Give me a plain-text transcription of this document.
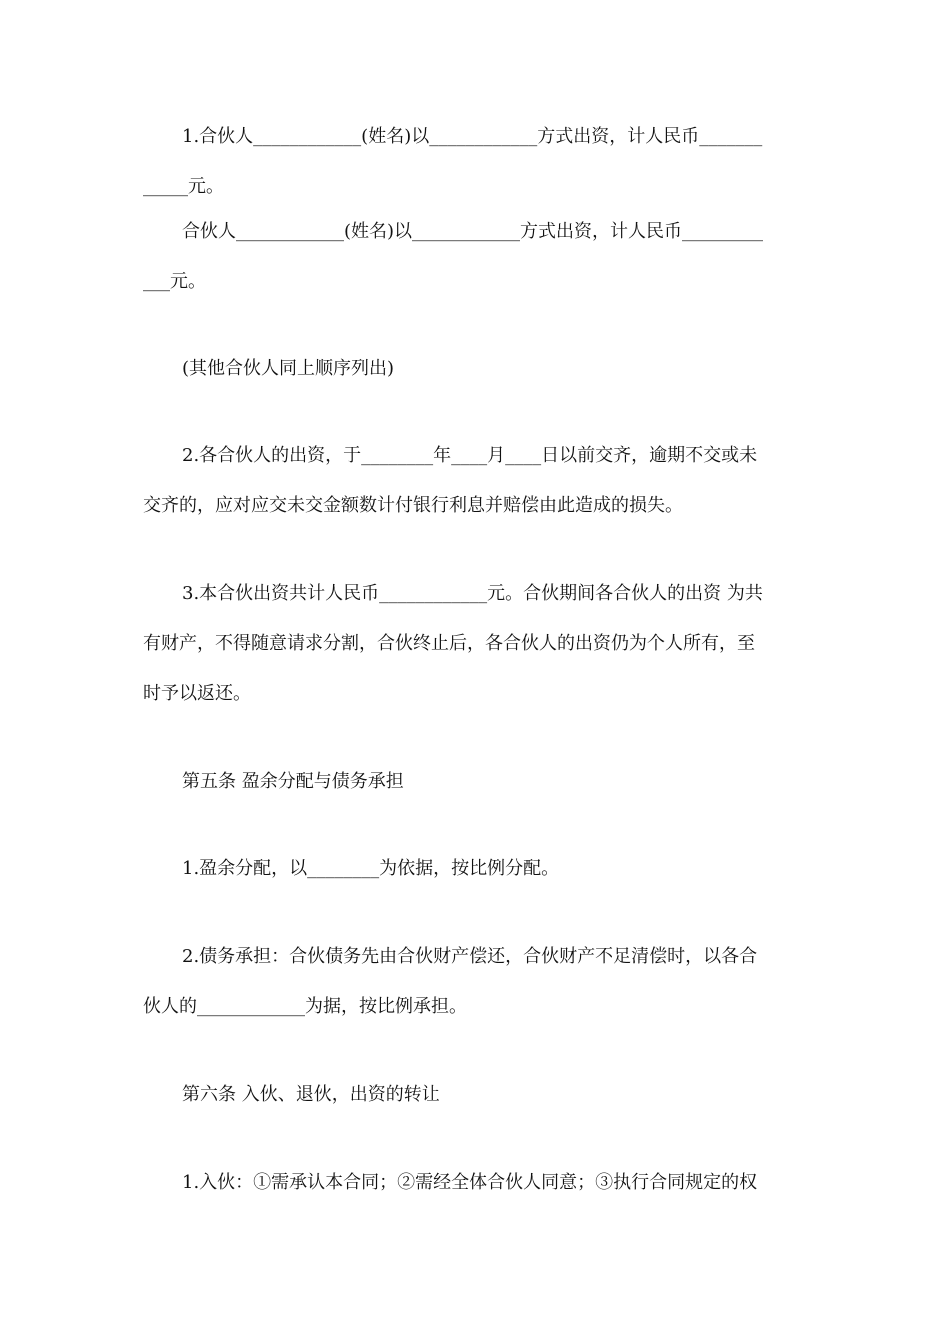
1.合伙人____________(姓名)以____________方式出资，计人民币_______
_____元。
合伙人____________(姓名)以____________方式出资，计人民币_________
___元。
(其他合伙人同上顺序列出)
2.各合伙人的出资，于________年____月____日以前交齐，逾期不交或未
交齐的，应对应交未交金额数计付银行利息并赔偿由此造成的损失。
3.本合伙出资共计人民币____________元。合伙期间各合伙人的出资 为共
有财产，不得随意请求分割，合伙终止后，各合伙人的出资仍为个人所有，至
时予以返还。
第五条 盈余分配与债务承担
1.盈余分配，以________为依据，按比例分配。
2.债务承担：合伙债务先由合伙财产偿还，合伙财产不足清偿时，以各合
伙人的____________为据，按比例承担。
第六条 入伙、退伙，出资的转让
1.入伙：①需承认本合同；②需经全体合伙人同意；③执行合同规定的权
